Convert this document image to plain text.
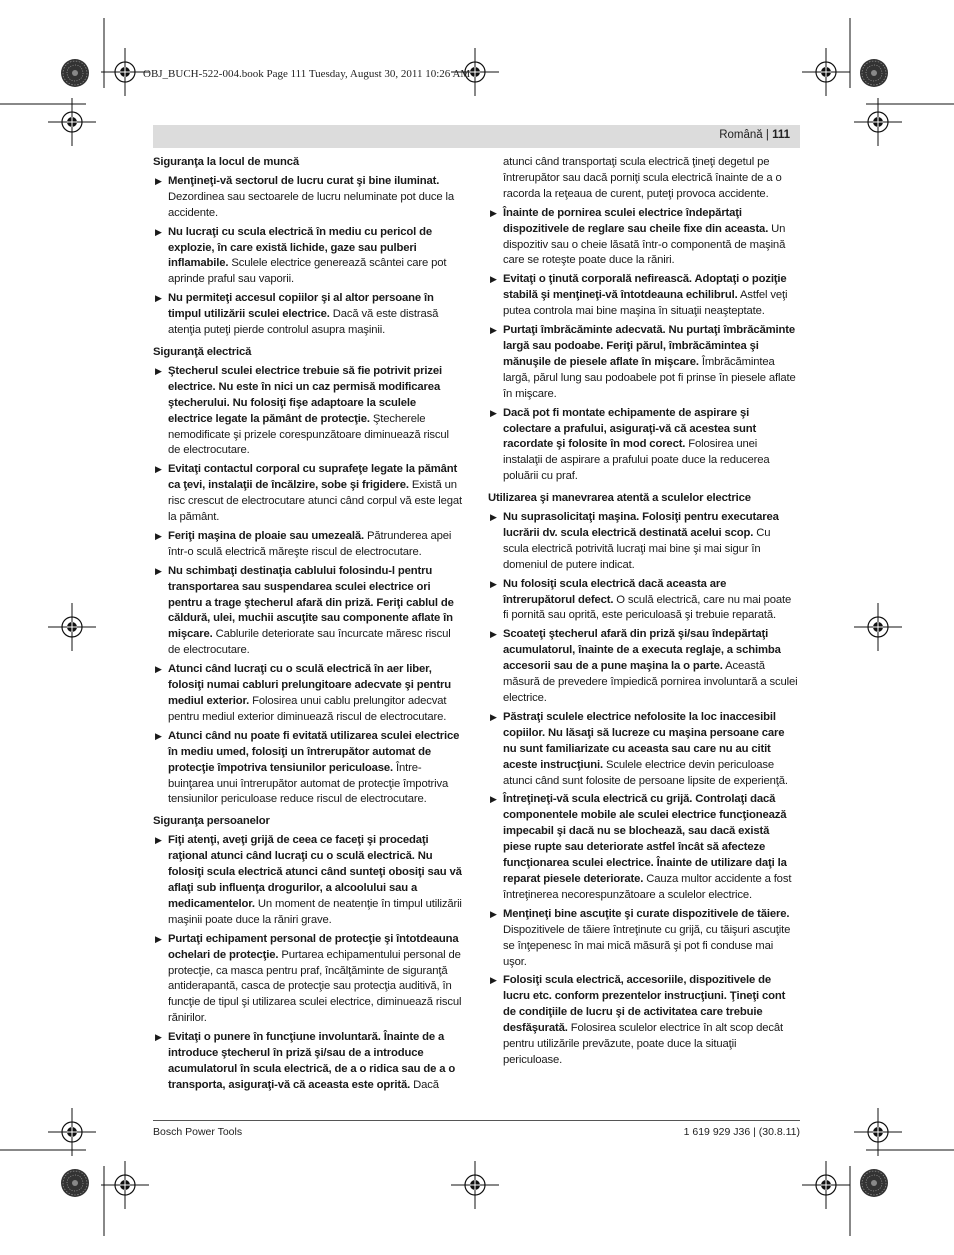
OBJ_BUCH-522-004.book Page 111 Tuesday, August 30, 2011 10:26 AM
Română | 111
Siguranţa la locul de muncă
▶ Menţineţi-vă sectorul de lucru curat şi bine iluminat. Dezordinea sau sectoarele de lucru neluminate pot duce la accidente.
▶ Nu lucraţi cu scula electrică în mediu cu pericol de explozie, în care există lichide, gaze sau pulberi inflamabile. Sculele electrice generează scântei care pot aprinde praful sau vaporii.
▶ Nu permiteţi accesul copiilor şi al altor persoane în timpul utilizării sculei electrice. Dacă vă este distrasă atenţia puteţi pierde controlul asupra maşinii.
Siguranţă electrică
▶ Ştecherul sculei electrice trebuie să fie potrivit prizei electrice. Nu este în nici un caz permisă modificarea ştecherului. Nu folosiţi fişe adaptoare la sculele electrice legate la pământ de protecţie. Ştecherele nemodificate şi prizele corespunzătoare diminuează riscul de electrocutare.
▶ Evitaţi contactul corporal cu suprafeţe legate la pământ ca ţevi, instalaţii de încălzire, sobe şi frigidere. Există un risc crescut de electrocutare atunci când corpul vă este legat la pământ.
▶ Feriţi maşina de ploaie sau umezeală. Pătrunderea apei într-o sculă electrică măreşte riscul de electrocutare.
▶ Nu schimbaţi destinaţia cablului folosindu-l pentru transportarea sau suspendarea sculei electrice ori pentru a trage ştecherul afară din priză. Feriţi cablul de căldură, ulei, muchii ascuţite sau componente aflate în mişcare. Cablurile deteriorate sau încurcate măresc riscul de electrocutare.
▶ Atunci când lucraţi cu o sculă electrică în aer liber, folosiţi numai cabluri prelungitoare adecvate şi pentru mediul exterior. Folosirea unui cablu prelungitor adecvat pentru mediul exterior diminuează riscul de electrocutare.
▶ Atunci când nu poate fi evitată utilizarea sculei electrice în mediu umed, folosiţi un întrerupător automat de protecţie împotriva tensiunilor periculoase. Între-buinţarea unui întrerupător automat de protecţie împotriva tensiunilor periculoase reduce riscul de electrocutare.
Siguranţa persoanelor
▶ Fiţi atenţi, aveţi grijă de ceea ce faceţi şi procedaţi raţional atunci când lucraţi cu o sculă electrică. Nu folosiţi scula electrică atunci când sunteţi obosiţi sau vă aflaţi sub influenţa drogurilor, a alcoolului sau a medicamentelor. Un moment de neatenţie în timpul utilizării maşinii poate duce la răniri grave.
▶ Purtaţi echipament personal de protecţie şi întotdeauna ochelari de protecţie. Purtarea echipamentului personal de protecţie, ca masca pentru praf, încălţăminte de siguranţă antiderapantă, casca de protecţie sau protecţia auditivă, în funcţie de tipul şi utilizarea sculei electrice, diminuează riscul rănirilor.
▶ Evitaţi o punere în funcţiune involuntară. Înainte de a introduce ştecherul în priză şi/sau de a introduce acumulatorul în scula electrică, de a o ridica sau de a o transporta, asiguraţi-vă că aceasta este oprită. Dacă
atunci când transportaţi scula electrică ţineţi degetul pe întrerupător sau dacă porniţi scula electrică înainte de a o racorda la reţeaua de curent, puteţi provoca accidente.
▶ Înainte de pornirea sculei electrice îndepărtaţi dispozitivele de reglare sau cheile fixe din aceasta. Un dispozitiv sau o cheie lăsată într-o componentă de maşină care se roteşte poate duce la răniri.
▶ Evitaţi o ţinută corporală nefirească. Adoptaţi o poziţie stabilă şi menţineţi-vă întotdeauna echilibrul. Astfel veţi putea controla mai bine maşina în situaţii neaşteptate.
▶ Purtaţi îmbrăcăminte adecvată. Nu purtaţi îmbrăcăminte largă sau podoabe. Feriţi părul, îmbrăcămintea şi mănuşile de piesele aflate în mişcare. Îmbrăcămintea largă, părul lung sau podoabele pot fi prinse în piesele aflate în mişcare.
▶ Dacă pot fi montate echipamente de aspirare şi colectare a prafului, asiguraţi-vă că acestea sunt racordate şi folosite în mod corect. Folosirea unei instalaţii de aspirare a prafului poate duce la reducerea poluării cu praf.
Utilizarea şi manevrarea atentă a sculelor electrice
▶ Nu suprasolicitaţi maşina. Folosiţi pentru executarea lucrării dv. scula electrică destinată acelui scop. Cu scula electrică potrivită lucraţi mai bine şi mai sigur în domeniul de putere indicat.
▶ Nu folosiţi scula electrică dacă aceasta are întrerupătorul defect. O sculă electrică, care nu mai poate fi pornită sau oprită, este periculoasă şi trebuie reparată.
▶ Scoateţi ştecherul afară din priză şi/sau îndepărtaţi acumulatorul, înainte de a executa reglaje, a schimba accesorii sau de a pune maşina la o parte. Această măsură de prevedere împiedică pornirea involuntară a sculei electrice.
▶ Păstraţi sculele electrice nefolosite la loc inaccesibil copiilor. Nu lăsaţi să lucreze cu maşina persoane care nu sunt familiarizate cu aceasta sau care nu au citit aceste instrucţiuni. Sculele electrice devin periculoase atunci când sunt folosite de persoane lipsite de experienţă.
▶ Întreţineţi-vă scula electrică cu grijă. Controlaţi dacă componentele mobile ale sculei electrice funcţionează impecabil şi dacă nu se blochează, sau dacă există piese rupte sau deteriorate astfel încât să afecteze funcţionarea sculei electrice. Înainte de utilizare daţi la reparat piesele deteriorate. Cauza multor accidente a fost întreţinerea necorespunzătoare a sculelor electrice.
▶ Menţineţi bine ascuţite şi curate dispozitivele de tăiere. Dispozitivele de tăiere întreţinute cu grijă, cu tăişuri ascuţite se înţepenesc în mai mică măsură şi pot fi conduse mai uşor.
▶ Folosiţi scula electrică, accesoriile, dispozitivele de lucru etc. conform prezentelor instrucţiuni. Ţineţi cont de condiţiile de lucru şi de activitatea care trebuie desfăşurată. Folosirea sculelor electrice în alt scop decât pentru utilizările prevăzute, poate duce la situaţii periculoase.
Bosch Power Tools	1 619 929 J36 | (30.8.11)
